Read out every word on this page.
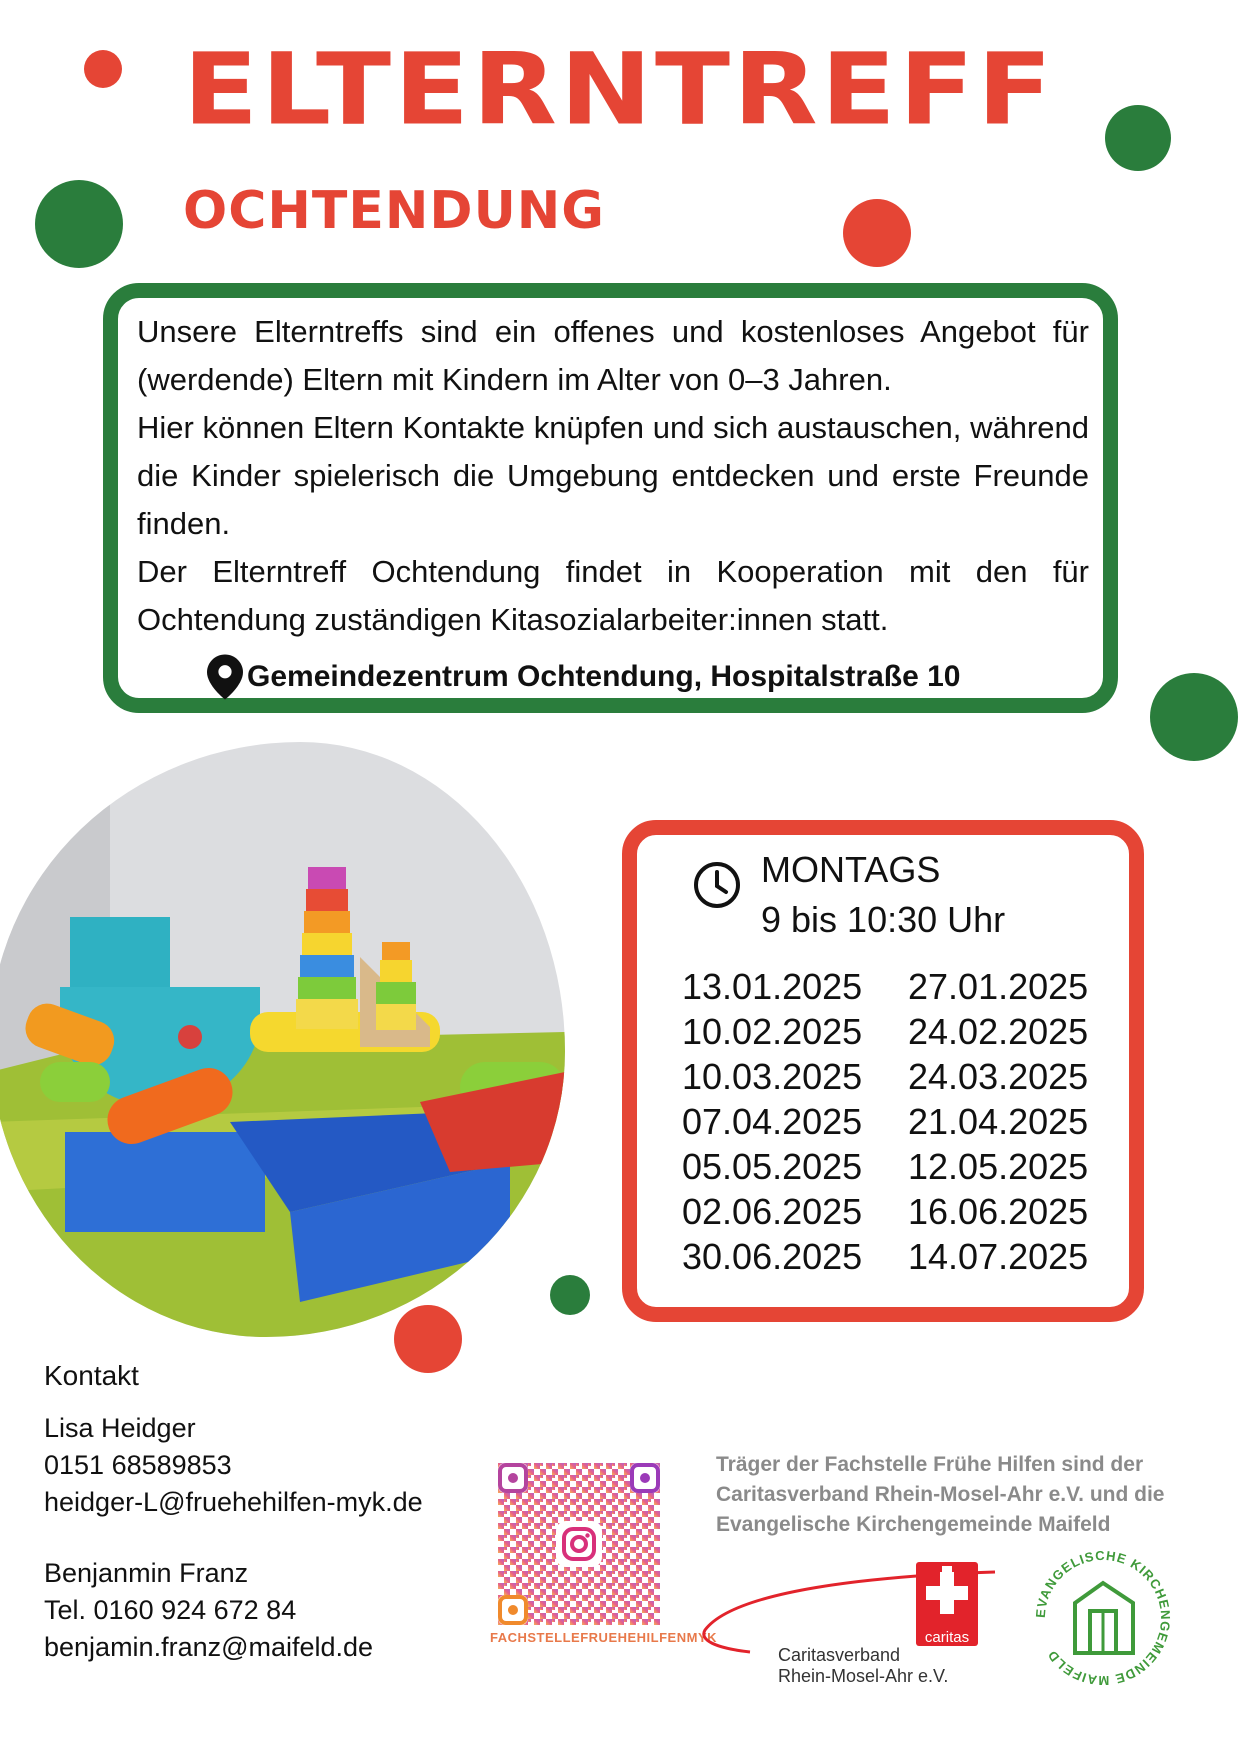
ELTERNTREFF
OCHTENDUNG

Unsere Elterntreffs sind ein offenes und kostenloses Angebot für (werdende) Eltern mit Kindern im Alter von 0–3 Jahren.

Hier können Eltern Kontakte knüpfen und sich austauschen, während die Kinder spielerisch die Umgebung entdecken und erste Freunde finden.

Der Elterntreff Ochtendung findet in Kooperation mit den für Ochtendung zuständigen Kitasozialarbeiter:innen statt.

Gemeindezentrum Ochtendung, Hospitalstraße 10
MONTAGS
9 bis 10:30 Uhr
13.01.2025	27.01.2025
10.02.2025	24.02.2025
10.03.2025	24.03.2025
07.04.2025	21.04.2025
05.05.2025	12.05.2025
02.06.2025	16.06.2025
30.06.2025	14.07.2025
Kontakt
Lisa Heidger
0151 68589853
heidger-L@fruehehilfen-myk.de
Benjanmin Franz
Tel. 0160 924 672 84
benjamin.franz@maifeld.de	FACHSTELLEFRUEHEHILFENMYK
Träger der Fachstelle Frühe Hilfen sind der Caritasverband Rhein-Mosel-Ahr e.V. und die Evangelische Kirchengemeinde Maifeld
caritas
Caritasverband
Rhein-Mosel-Ahr e.V.
EVANGELISCHE KIRCHENGEMEINDE MAIFELD
